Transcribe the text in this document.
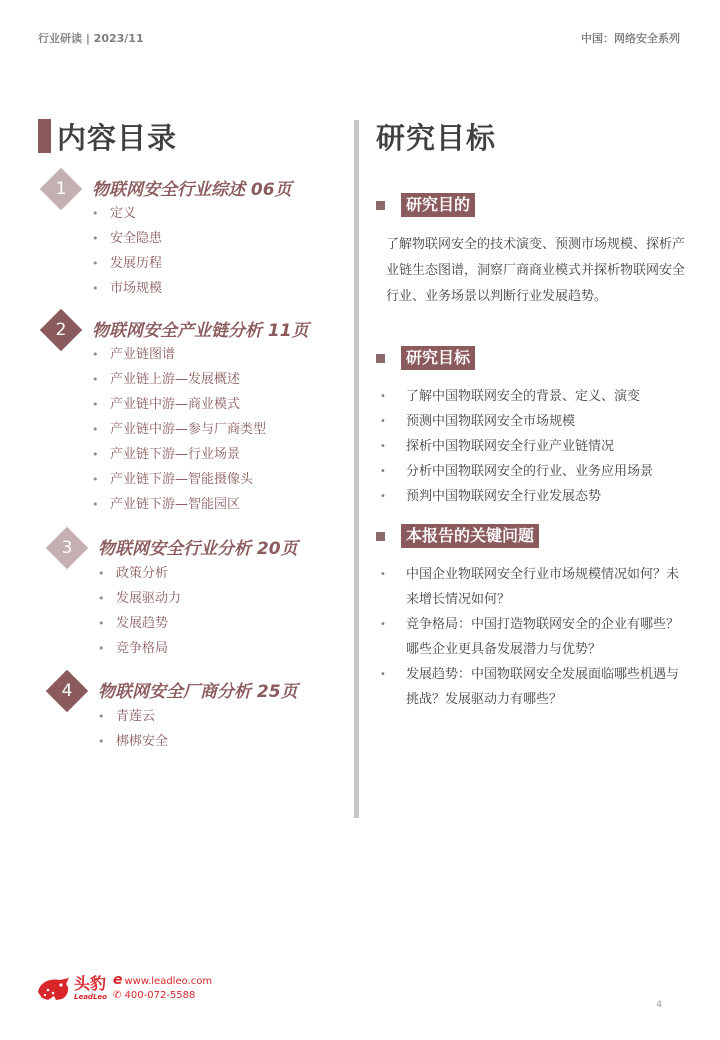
行业研读 | 2023/11	中国：网络安全系列
内容目录
1	物联网安全行业综述 06页
• 定义
• 安全隐患
• 发展历程
• 市场规模
2	物联网安全产业链分析 11页
• 产业链图谱
• 产业链上游—发展概述
• 产业链中游—商业模式
• 产业链中游—参与厂商类型
• 产业链下游—行业场景
• 产业链下游—智能摄像头
• 产业链下游—智能园区
3	物联网安全行业分析 20页
• 政策分析
• 发展驱动力
• 发展趋势
• 竞争格局
4	物联网安全厂商分析 25页
• 青莲云
• 梆梆安全
研究目标
研究目的
了解物联网安全的技术演变、预测市场规模、探析产业链生态图谱，洞察厂商商业模式并探析物联网安全行业、业务场景以判断行业发展趋势。
研究目标
•	了解中国物联网安全的背景、定义、演变
•	预测中国物联网安全市场规模
•	探析中国物联网安全行业产业链情况
•	分析中国物联网安全的行业、业务应用场景
•	预判中国物联网安全行业发展态势
本报告的关键问题
•	中国企业物联网安全行业市场规模情况如何？未来增长情况如何？
•	竞争格局：中国打造物联网安全的企业有哪些？哪些企业更具备发展潜力与优势？
•	发展趋势：中国物联网安全发展面临哪些机遇与挑战？发展驱动力有哪些？
头豹
LeadLeo
e www.leadleo.com
✆ 400-072-5588
4
